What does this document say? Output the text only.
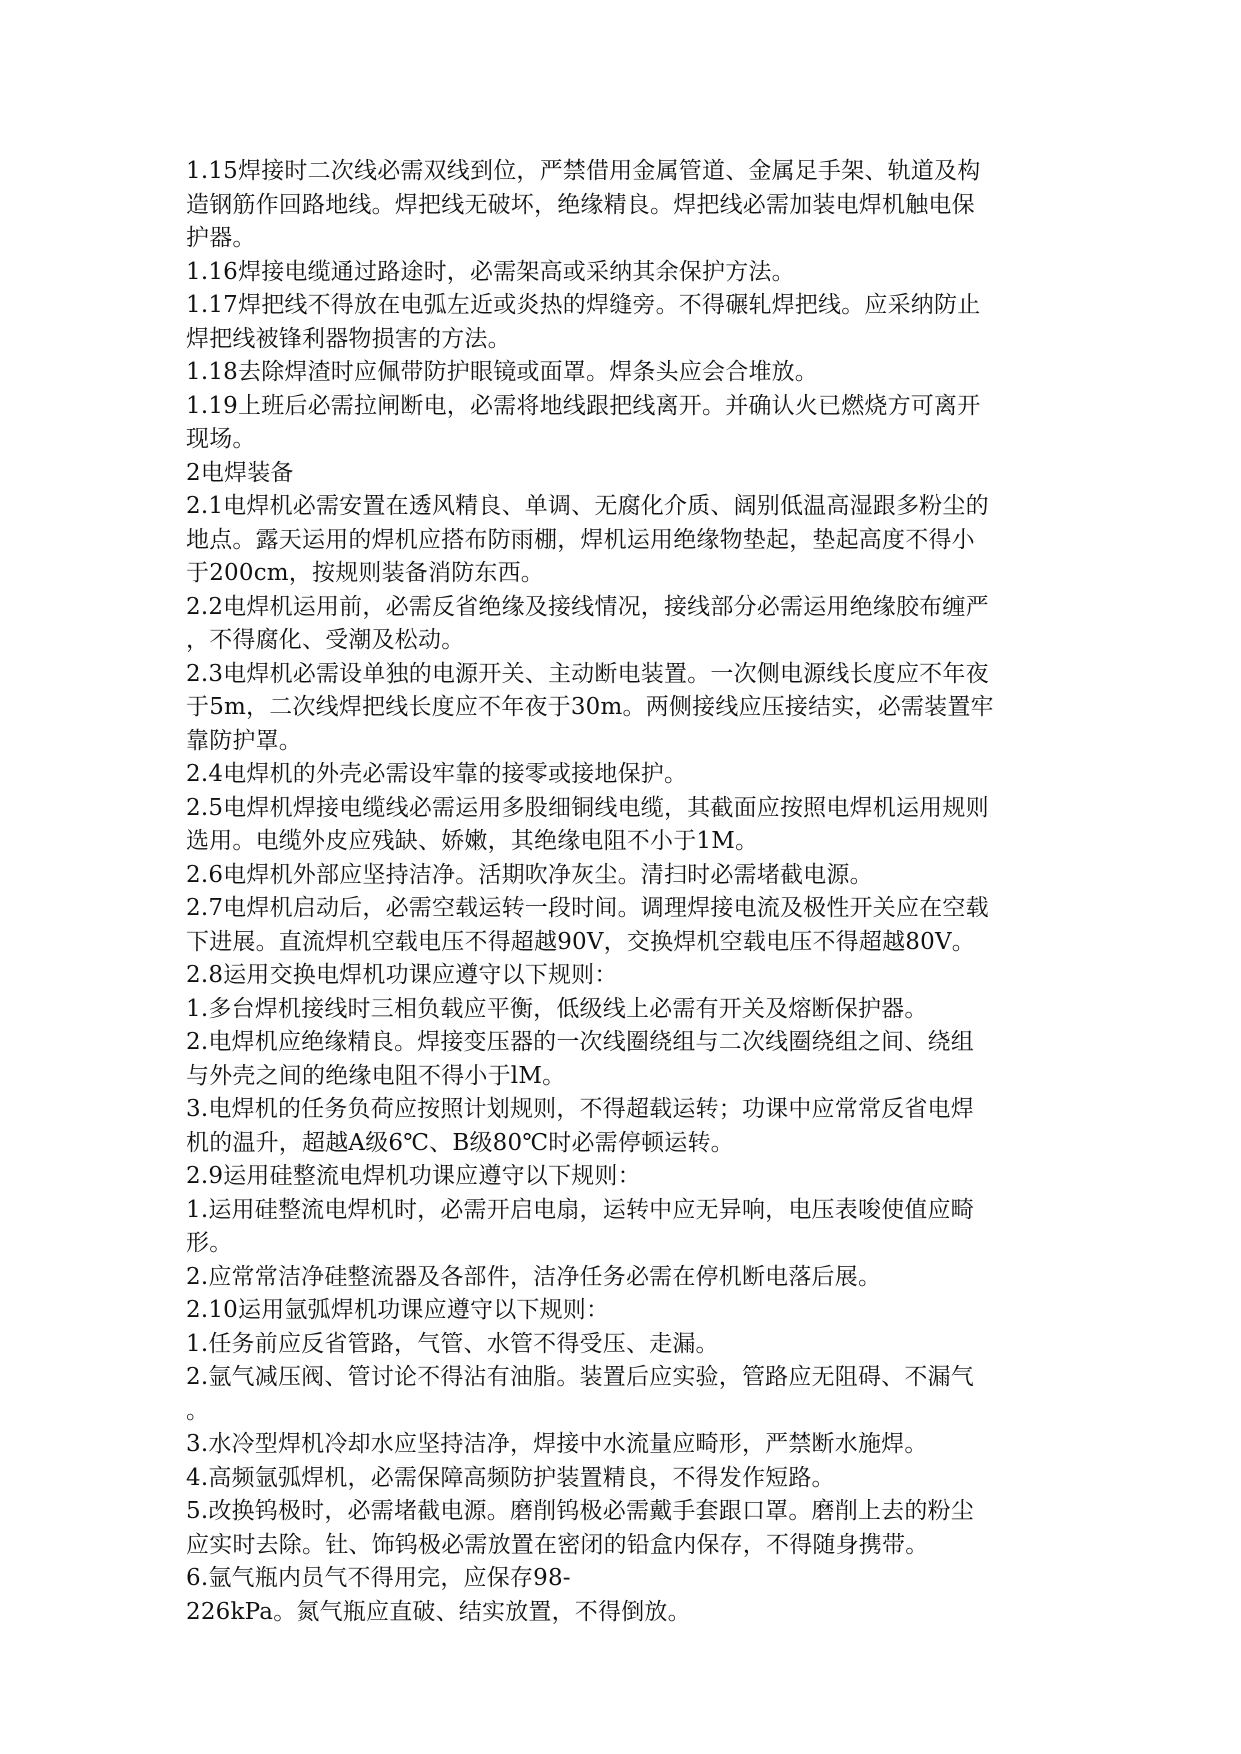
1.15焊接时二次线必需双线到位，严禁借用金属管道、金属足手架、轨道及构
造钢筋作回路地线。焊把线无破坏，绝缘精良。焊把线必需加装电焊机触电保
护器。
1.16焊接电缆通过路途时，必需架高或采纳其余保护方法。
1.17焊把线不得放在电弧左近或炎热的焊缝旁。不得碾轧焊把线。应采纳防止
焊把线被锋利器物损害的方法。
1.18去除焊渣时应佩带防护眼镜或面罩。焊条头应会合堆放。
1.19上班后必需拉闸断电，必需将地线跟把线离开。并确认火已燃烧方可离开
现场。
2电焊装备
2.1电焊机必需安置在透风精良、单调、无腐化介质、阔别低温高湿跟多粉尘的
地点。露天运用的焊机应搭布防雨棚，焊机运用绝缘物垫起，垫起高度不得小
于200cm，按规则装备消防东西。
2.2电焊机运用前，必需反省绝缘及接线情况，接线部分必需运用绝缘胶布缠严
，不得腐化、受潮及松动。
2.3电焊机必需设单独的电源开关、主动断电装置。一次侧电源线长度应不年夜
于5m，二次线焊把线长度应不年夜于30m。两侧接线应压接结实，必需装置牢
靠防护罩。
2.4电焊机的外壳必需设牢靠的接零或接地保护。
2.5电焊机焊接电缆线必需运用多股细铜线电缆，其截面应按照电焊机运用规则
选用。电缆外皮应残缺、娇嫩，其绝缘电阻不小于1M。
2.6电焊机外部应坚持洁净。活期吹净灰尘。清扫时必需堵截电源。
2.7电焊机启动后，必需空载运转一段时间。调理焊接电流及极性开关应在空载
下进展。直流焊机空载电压不得超越90V，交换焊机空载电压不得超越80V。
2.8运用交换电焊机功课应遵守以下规则：
1.多台焊机接线时三相负载应平衡，低级线上必需有开关及熔断保护器。
2.电焊机应绝缘精良。焊接变压器的一次线圈绕组与二次线圈绕组之间、绕组
与外壳之间的绝缘电阻不得小于lM。
3.电焊机的任务负荷应按照计划规则，不得超载运转；功课中应常常反省电焊
机的温升，超越A级6℃、B级80℃时必需停顿运转。
2.9运用硅整流电焊机功课应遵守以下规则：
1.运用硅整流电焊机时，必需开启电扇，运转中应无异响，电压表唆使值应畸
形。
2.应常常洁净硅整流器及各部件，洁净任务必需在停机断电落后展。
2.10运用氩弧焊机功课应遵守以下规则：
1.任务前应反省管路，气管、水管不得受压、走漏。
2.氩气减压阀、管讨论不得沾有油脂。装置后应实验，管路应无阻碍、不漏气
。
3.水冷型焊机冷却水应坚持洁净，焊接中水流量应畸形，严禁断水施焊。
4.高频氩弧焊机，必需保障高频防护装置精良，不得发作短路。
5.改换钨极时，必需堵截电源。磨削钨极必需戴手套跟口罩。磨削上去的粉尘
应实时去除。钍、饰钨极必需放置在密闭的铅盒内保存，不得随身携带。
6.氩气瓶内员气不得用完，应保存98-
226kPa。氮气瓶应直破、结实放置，不得倒放。
